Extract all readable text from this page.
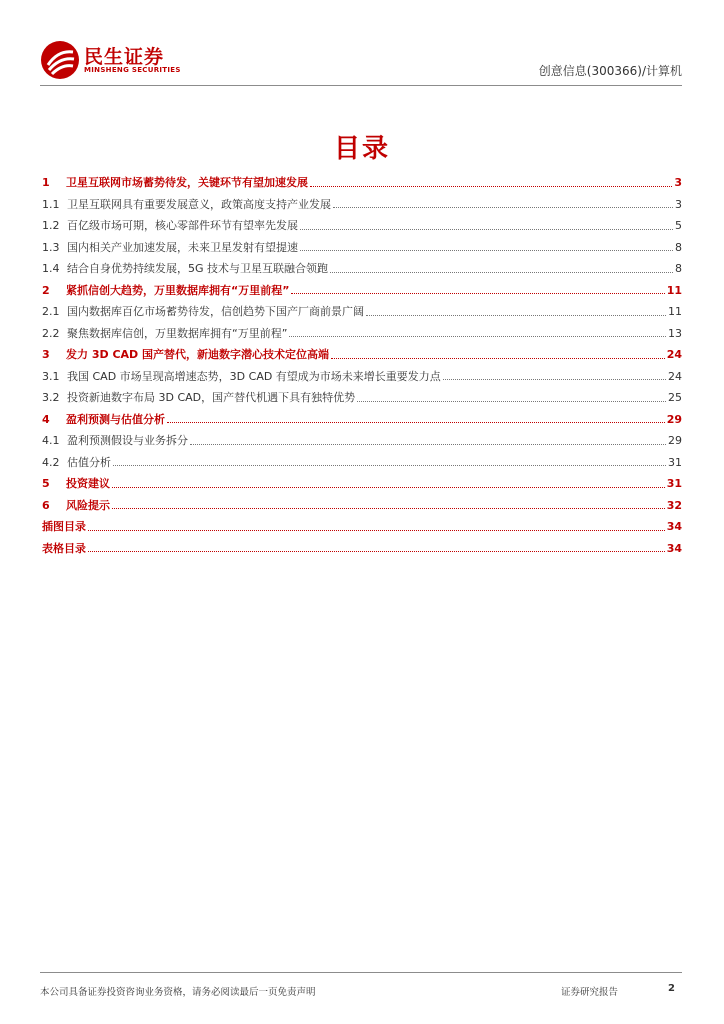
民生证券
MINSHENG SECURITIES	创意信息(300366)/计算机
目录
1	卫星互联网市场蓄势待发，关键环节有望加速发展	3
1.1 卫星互联网具有重要发展意义，政策高度支持产业发展	3
1.2 百亿级市场可期，核心零部件环节有望率先发展	5
1.3 国内相关产业加速发展，未来卫星发射有望提速	8
1.4 结合自身优势持续发展，5G 技术与卫星互联融合领跑	8
2	紧抓信创大趋势，万里数据库拥有“万里前程”	11
2.1 国内数据库百亿市场蓄势待发，信创趋势下国产厂商前景广阔	11
2.2 聚焦数据库信创，万里数据库拥有“万里前程”	13
3	发力 3D CAD 国产替代，新迪数字潜心技术定位高端	24
3.1 我国 CAD 市场呈现高增速态势，3D CAD 有望成为市场未来增长重要发力点	24
3.2 投资新迪数字布局 3D CAD，国产替代机遇下具有独特优势	25
4	盈利预测与估值分析	29
4.1 盈利预测假设与业务拆分	29
4.2 估值分析	31
5	投资建议	31
6	风险提示	32
插图目录	34
表格目录	34
本公司具备证券投资咨询业务资格，请务必阅读最后一页免责声明	证券研究报告	2
